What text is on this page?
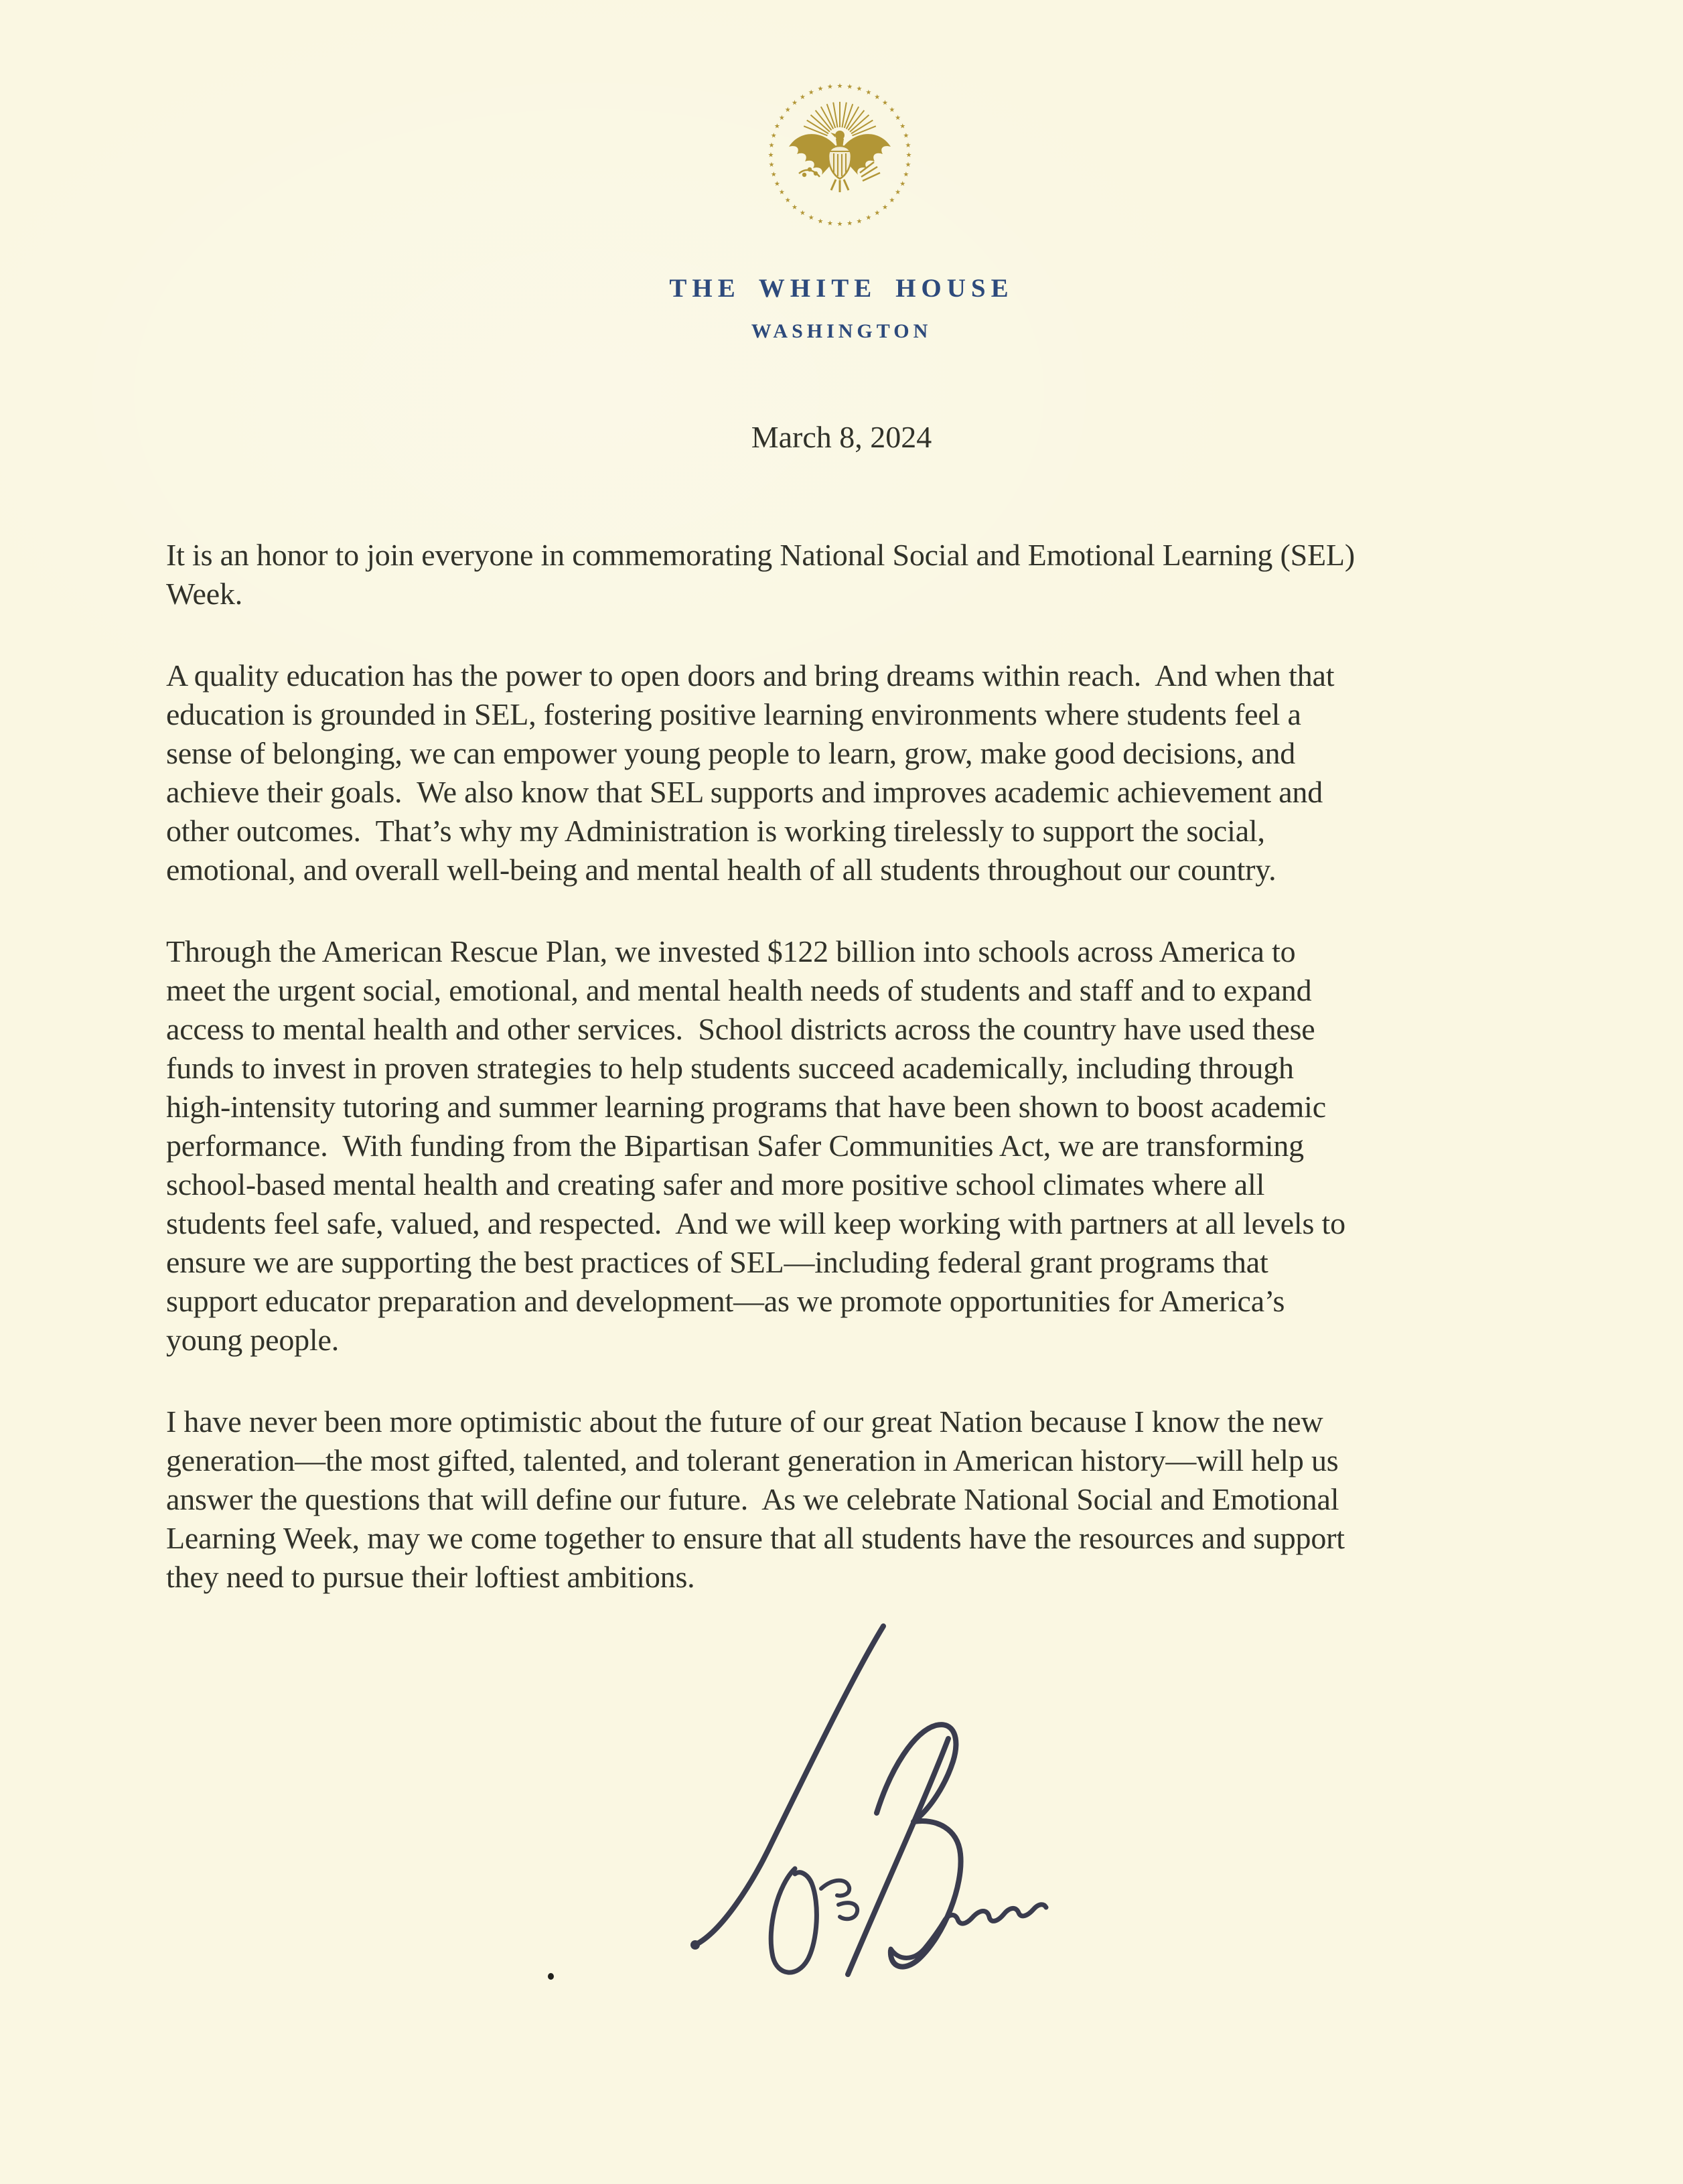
★
★
★
★
★
★
★
★
★
★
★
★
★
★
★
★
★
★
★
★
★
★
★
★
★
★
★
★
★
★
★ ★ ★ ★ ★ ★ ★
★
★
★
★
★
★
★
THE WHITE HOUSE
WASHINGTON
March 8, 2024

It is an honor to join everyone in commemorating National Social and Emotional Learning (SEL)
Week.

A quality education has the power to open doors and bring dreams within reach.  And when that
education is grounded in SEL, fostering positive learning environments where students feel a
sense of belonging, we can empower young people to learn, grow, make good decisions, and
achieve their goals.  We also know that SEL supports and improves academic achievement and
other outcomes.  That’s why my Administration is working tirelessly to support the social,
emotional, and overall well-being and mental health of all students throughout our country.

Through the American Rescue Plan, we invested $122 billion into schools across America to
meet the urgent social, emotional, and mental health needs of students and staff and to expand
access to mental health and other services.  School districts across the country have used these
funds to invest in proven strategies to help students succeed academically, including through
high-intensity tutoring and summer learning programs that have been shown to boost academic
performance.  With funding from the Bipartisan Safer Communities Act, we are transforming
school-based mental health and creating safer and more positive school climates where all
students feel safe, valued, and respected.  And we will keep working with partners at all levels to
ensure we are supporting the best practices of SEL—including federal grant programs that
support educator preparation and development—as we promote opportunities for America’s
young people.

I have never been more optimistic about the future of our great Nation because I know the new
generation—the most gifted, talented, and tolerant generation in American history—will help us
answer the questions that will define our future.  As we celebrate National Social and Emotional
Learning Week, may we come together to ensure that all students have the resources and support
they need to pursue their loftiest ambitions.
